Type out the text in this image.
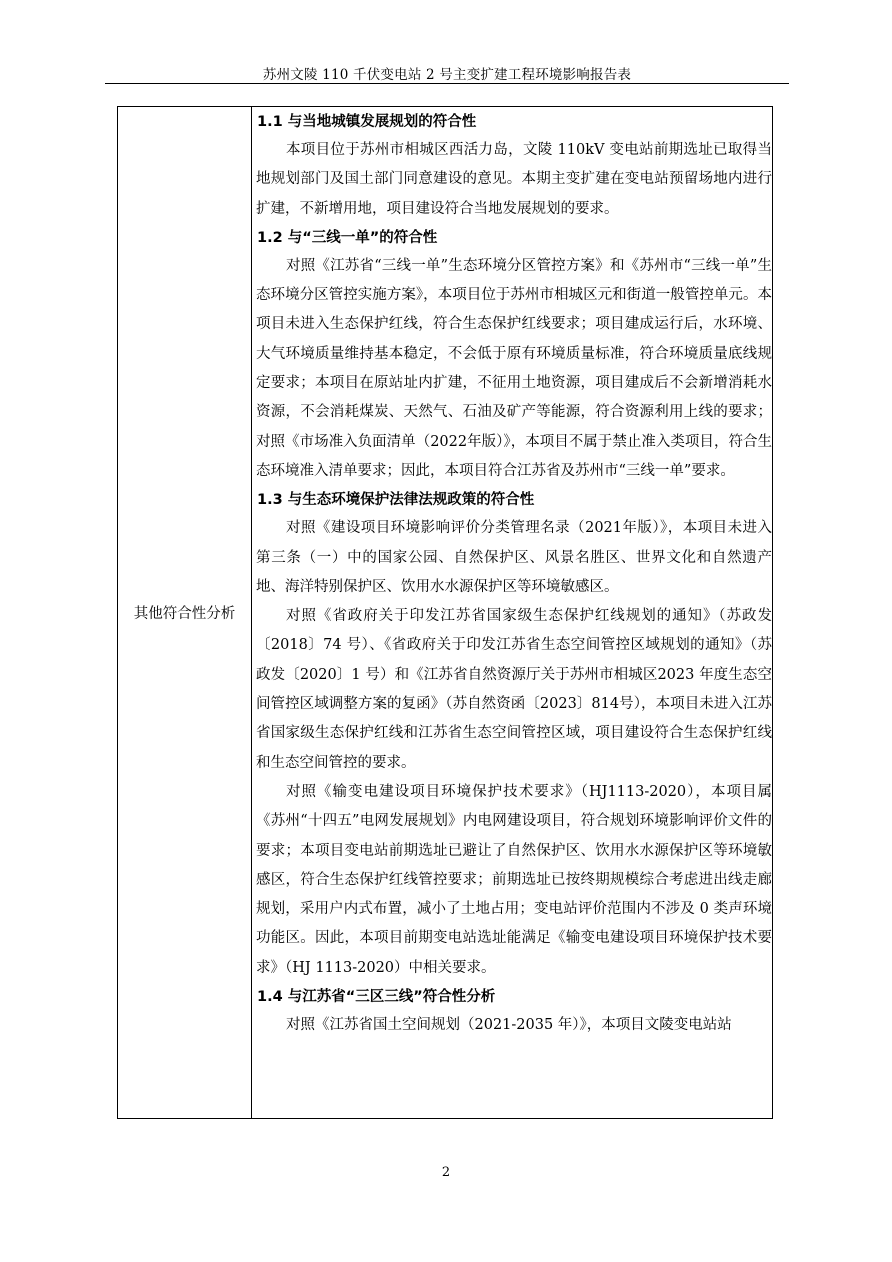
苏州文陵 110 千伏变电站 2 号主变扩建工程环境影响报告表
其他符合性分析
1.1 与当地城镇发展规划的符合性

本项目位于苏州市相城区西活力岛，文陵 110kV 变电站前期选址已取得当地规划部门及国土部门同意建设的意见。本期主变扩建在变电站预留场地内进行扩建，不新增用地，项目建设符合当地发展规划的要求。

1.2 与“三线一单”的符合性

对照《江苏省“三线一单”生态环境分区管控方案》和《苏州市“三线一单”生态环境分区管控实施方案》，本项目位于苏州市相城区元和街道一般管控单元。本项目未进入生态保护红线，符合生态保护红线要求；项目建成运行后，水环境、大气环境质量维持基本稳定，不会低于原有环境质量标准，符合环境质量底线规定要求；本项目在原站址内扩建，不征用土地资源，项目建成后不会新增消耗水资源，不会消耗煤炭、天然气、石油及矿产等能源，符合资源利用上线的要求；对照《市场准入负面清单（2022年版）》，本项目不属于禁止准入类项目，符合生态环境准入清单要求；因此，本项目符合江苏省及苏州市“三线一单”要求。

1.3 与生态环境保护法律法规政策的符合性

对照《建设项目环境影响评价分类管理名录（2021年版）》，本项目未进入第三条（一）中的国家公园、自然保护区、风景名胜区、世界文化和自然遗产地、海洋特别保护区、饮用水水源保护区等环境敏感区。

对照《省政府关于印发江苏省国家级生态保护红线规划的通知》（苏政发〔2018〕74 号）、《省政府关于印发江苏省生态空间管控区域规划的通知》（苏政发〔2020〕1 号）和《江苏省自然资源厅关于苏州市相城区2023 年度生态空间管控区域调整方案的复函》（苏自然资函〔2023〕814号），本项目未进入江苏省国家级生态保护红线和江苏省生态空间管控区域，项目建设符合生态保护红线和生态空间管控的要求。

对照《输变电建设项目环境保护技术要求》（HJ1113-2020），本项目属《苏州“十四五”电网发展规划》内电网建设项目，符合规划环境影响评价文件的要求；本项目变电站前期选址已避让了自然保护区、饮用水水源保护区等环境敏感区，符合生态保护红线管控要求；前期选址已按终期规模综合考虑进出线走廊规划，采用户内式布置，减小了土地占用；变电站评价范围内不涉及 0 类声环境功能区。因此，本项目前期变电站选址能满足《输变电建设项目环境保护技术要求》（HJ 1113-2020）中相关要求。

1.4 与江苏省“三区三线”符合性分析

对照《江苏省国土空间规划（2021-2035 年）》，本项目文陵变电站站

2
